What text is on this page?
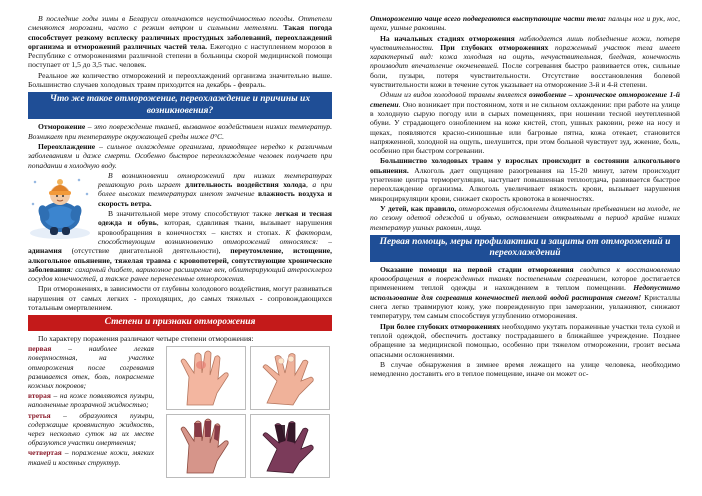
В последние годы зимы в Беларуси отличаются неустойчивостью погоды. Оттепели сменяются морозами, часто с резким ветром и сильными метелями. Такая погода способствует резкому всплеску различных простудных заболеваний, переохлаждений организма и отморожений различных частей тела. Ежегодно с наступлением морозов в Республике с отморожениями различной степени в больницы скорой медицинской помощи поступает от 1,5 до 3,5 тыс. человек.

Реальное же количество отморожений и переохлаждений организма значительно выше. Большинство случаев холодовых травм приходится на декабрь - февраль.

Что же такое отморожение, переохлаждение и причины их возникновения?

Отморожение – это повреждение тканей, вызванное воздействием низких температур. Возникает при температуре окружающей среды ниже 0°С.

Переохлаждение – сильное охлаждение организма, приводящее нередко к различным заболеваниям и даже смерти. Особенно быстрое переохлаждение человек получает при попадании в холодную воду.

В возникновении отморожений при низких температурах решающую роль играет длительность воздействия холода, а при более высоких температурах имеют значение влажность воздуха и скорость ветра.

В значительной мере этому способствуют также легкая и тесная одежда и обувь, которая, сдавливая ткани, вызывает нарушения кровообращения в конечностях – кистях и стопах. К факторам, способствующим возникновению отморожений относятся: – адинамия (отсутствие двигательной деятельности), переутомление, истощение, алкогольное опьянение, тяжелая травма с кровопотерей, сопутствующие хронические заболевания: сахарный диабет, варикозное расширение вен, облитерирующий атеросклероз сосудов конечностей, а также ранее перенесенные отморожения.

При отморожениях, в зависимости от глубины холодового воздействия, могут развиваться нарушения от самых легких - проходящих, до самых тяжелых - сопровождающихся тотальным омертвлением.

Степени и признаки отморожения

По характеру поражения различают четыре степени отморожения:

первая – наиболее легкая поверхностная, на участке отморожения после согревания развивается отек, боль, покраснение кожных покровов;

вторая – на коже появляются пузыри, наполненные прозрачной жидкостью;

третья – образуются пузыри, содержащие кровянистую жидкость, через несколько суток на их месте образуются участки омертвения;

четвертая – поражение кожи, мягких тканей и костных структур.

Отморожению чаще всего подвергаются выступающие части тела: пальцы ног и рук, нос, щеки, ушные раковины.

На начальных стадиях отморожения наблюдается лишь побледнение кожи, потеря чувствительности. При глубоких отморожениях пораженный участок тела имеет характерный вид: кожа холодная на ощупь, нечувствительная, бледная, конечность производит впечатление окоченевшей. После согревания быстро развивается отек, сильные боли, пузыри, потеря чувствительности. Отсутствие восстановления болевой чувствительности кожи в течение суток указывает на отморожение 3-й и 4-й степени.

Одним из видов холодовой травмы является ознобление – хроническое отморожение 1-й степени. Оно возникает при постоянном, хотя и не сильном охлаждении: при работе на улице в холодную сырую погоду или в сырых помещениях, при ношении тесной неутепленной обуви. У страдающего озноблением на коже кистей, стоп, ушных раковин, реже на носу и щеках, появляются красно-синюшные или багровые пятна, кожа отекает, становится напряженной, холодной на ощупь, шелушится, при этом больной чувствует зуд, жжение, боль, особенно при быстром согревании.

Большинство холодовых травм у взрослых происходит в состоянии алкогольного опьянения. Алкоголь дает ощущение разогревания на 15-20 минут, затем происходит угнетение центра терморегуляции, наступает повышенная теплоотдача, развивается быстрое переохлаждение организма. Алкоголь увеличивает вязкость крови, вызывает нарушения микроциркуляции крови, снижает скорость кровотока в конечностях.

У детей, как правило, отморожения обусловлены длительным пребыванием на холоде, не по сезону одетой одеждой и обувью, оставлением открытыми в период крайне низких температур ушных раковин, лица.

Первая помощь, меры профилактики и защиты от отморожений и переохлаждений

Оказание помощи на первой стадии отморожения сводится к восстановлению кровообращения в поврежденных тканях постепенным согреванием, которое достигается применением теплой одежды и нахождением в теплом помещении. Недопустимо использование для согревания конечностей теплой водой растирания снегом! Кристаллы снега легко травмируют кожу, уже поврежденную при замерзании, увлажняют, снижают температуру, тем самым способствуя углублению отморожения.

При более глубоких отморожениях необходимо укутать пораженные участки тела сухой и теплой одеждой, обеспечить доставку пострадавшего в ближайшее учреждение. Позднее обращение за медицинской помощью, особенно при тяжелом отморожении, грозит весьма опасными осложнениями.

В случае обнаружения в зимнее время лежащего на улице человека, необходимо немедленно доставить его в теплое помещение, иначе он может ос-
